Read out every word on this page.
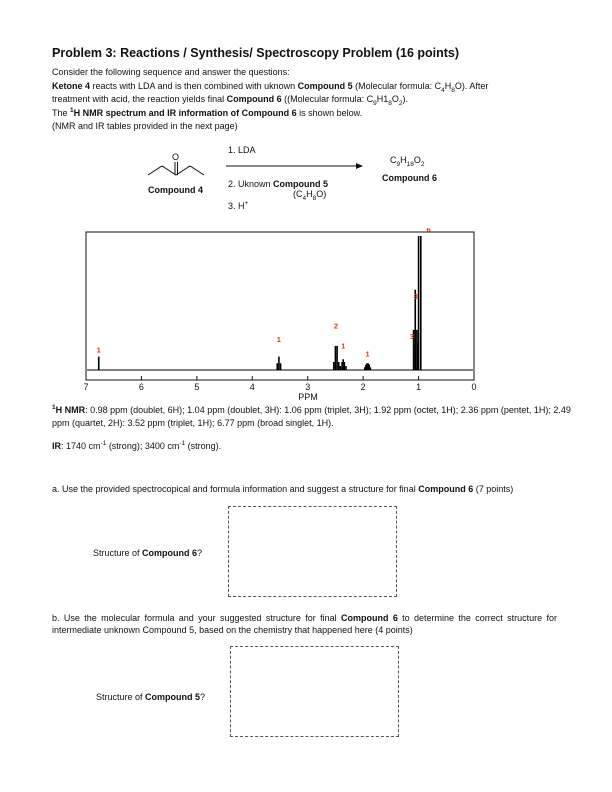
Problem 3: Reactions / Synthesis/ Spectroscopy Problem (16 points)

Consider the following sequence and answer the questions:

Ketone 4 reacts with LDA and is then combined with uknown Compound 5 (Molecular formula: $C_4H_8O$). After

treatment with acid, the reaction yields final Compound 6 ((Molecular formula: $C_9H1_8O_2$).

The $^1$H NMR spectrum and IR information of Compound 6 is shown below.

(NMR and IR tables provided in the next page)

O
Compound 4
1. LDA
2. Uknown Compound 5
$(C_4H_8O)$
3. H+
$C_9H_{18}O_2$
Compound 6
7	6	5	4	3	2	1	0
1
1
2
1
1
3
3
6
PPM
$^1$H NMR: 0.98 ppm (doublet, 6H); 1.04 ppm (doublet, 3H): 1.06 ppm (triplet, 3H); 1.92 ppm (octet, 1H); 2.36 ppm (pentet, 1H); 2.49 ppm (quartet, 2H): 3.52 ppm (triplet, 1H); 6.77 ppm (broad singlet, 1H).
IR: 1740 $cm^{-1}$ (strong); 3400 $cm^{-1}$ (strong).
a. Use the provided spectrocopical and formula information and suggest a structure for final Compound 6 (7 points)
Structure of Compound 6?
b. Use the molecular formula and your suggested structure for final Compound 6 to determine the correct structure for intermediate unknown Compound 5, based on the chemistry that happened here (4 points)
Structure of Compound 5?
